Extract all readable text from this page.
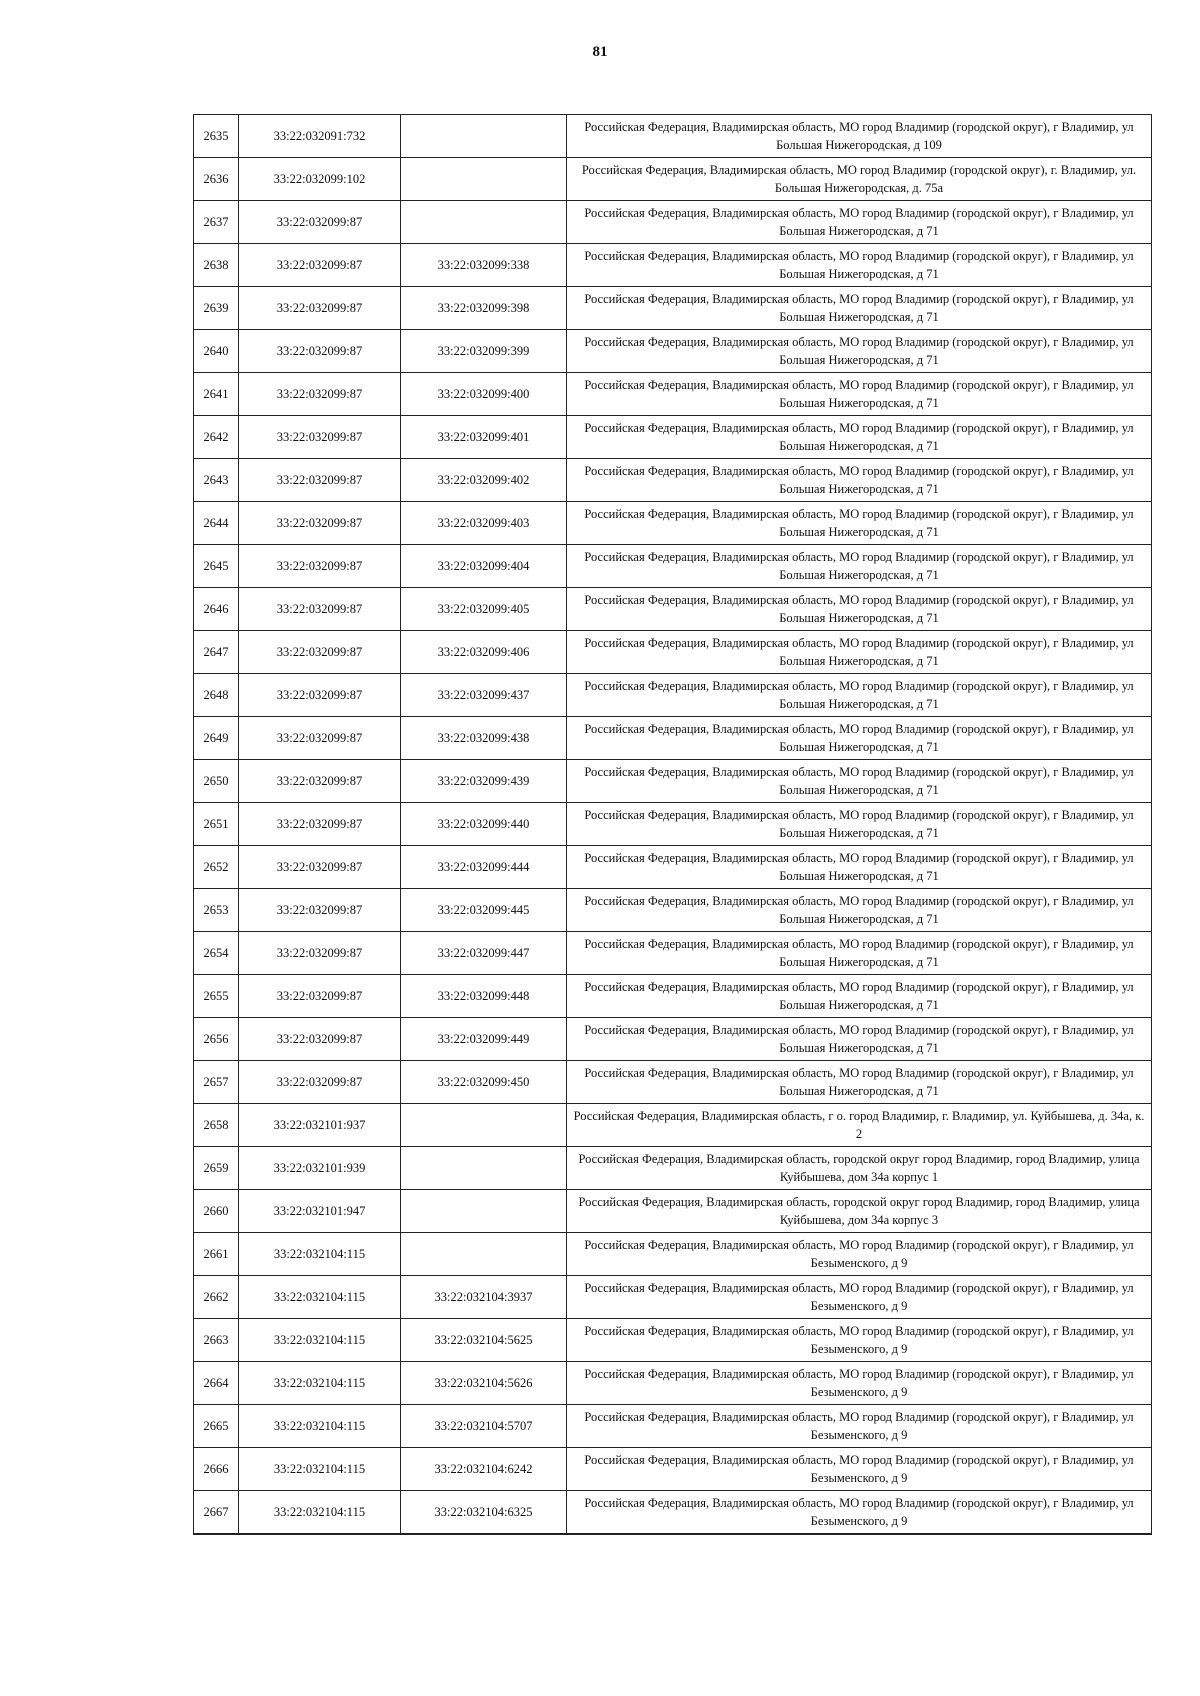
81
2635	33:22:032091:732		Российская Федерация, Владимирская область, МО город Владимир (городской округ), г Владимир, ул Большая Нижегородская, д 109
2636	33:22:032099:102		Российская Федерация, Владимирская область, МО город Владимир (городской округ), г. Владимир, ул. Большая Нижегородская, д. 75а
2637	33:22:032099:87		Российская Федерация, Владимирская область, МО город Владимир (городской округ), г Владимир, ул Большая Нижегородская, д 71
2638	33:22:032099:87	33:22:032099:338	Российская Федерация, Владимирская область, МО город Владимир (городской округ), г Владимир, ул Большая Нижегородская, д 71
2639	33:22:032099:87	33:22:032099:398	Российская Федерация, Владимирская область, МО город Владимир (городской округ), г Владимир, ул Большая Нижегородская, д 71
2640	33:22:032099:87	33:22:032099:399	Российская Федерация, Владимирская область, МО город Владимир (городской округ), г Владимир, ул Большая Нижегородская, д 71
2641	33:22:032099:87	33:22:032099:400	Российская Федерация, Владимирская область, МО город Владимир (городской округ), г Владимир, ул Большая Нижегородская, д 71
2642	33:22:032099:87	33:22:032099:401	Российская Федерация, Владимирская область, МО город Владимир (городской округ), г Владимир, ул Большая Нижегородская, д 71
2643	33:22:032099:87	33:22:032099:402	Российская Федерация, Владимирская область, МО город Владимир (городской округ), г Владимир, ул Большая Нижегородская, д 71
2644	33:22:032099:87	33:22:032099:403	Российская Федерация, Владимирская область, МО город Владимир (городской округ), г Владимир, ул Большая Нижегородская, д 71
2645	33:22:032099:87	33:22:032099:404	Российская Федерация, Владимирская область, МО город Владимир (городской округ), г Владимир, ул Большая Нижегородская, д 71
2646	33:22:032099:87	33:22:032099:405	Российская Федерация, Владимирская область, МО город Владимир (городской округ), г Владимир, ул Большая Нижегородская, д 71
2647	33:22:032099:87	33:22:032099:406	Российская Федерация, Владимирская область, МО город Владимир (городской округ), г Владимир, ул Большая Нижегородская, д 71
2648	33:22:032099:87	33:22:032099:437	Российская Федерация, Владимирская область, МО город Владимир (городской округ), г Владимир, ул Большая Нижегородская, д 71
2649	33:22:032099:87	33:22:032099:438	Российская Федерация, Владимирская область, МО город Владимир (городской округ), г Владимир, ул Большая Нижегородская, д 71
2650	33:22:032099:87	33:22:032099:439	Российская Федерация, Владимирская область, МО город Владимир (городской округ), г Владимир, ул Большая Нижегородская, д 71
2651	33:22:032099:87	33:22:032099:440	Российская Федерация, Владимирская область, МО город Владимир (городской округ), г Владимир, ул Большая Нижегородская, д 71
2652	33:22:032099:87	33:22:032099:444	Российская Федерация, Владимирская область, МО город Владимир (городской округ), г Владимир, ул Большая Нижегородская, д 71
2653	33:22:032099:87	33:22:032099:445	Российская Федерация, Владимирская область, МО город Владимир (городской округ), г Владимир, ул Большая Нижегородская, д 71
2654	33:22:032099:87	33:22:032099:447	Российская Федерация, Владимирская область, МО город Владимир (городской округ), г Владимир, ул Большая Нижегородская, д 71
2655	33:22:032099:87	33:22:032099:448	Российская Федерация, Владимирская область, МО город Владимир (городской округ), г Владимир, ул Большая Нижегородская, д 71
2656	33:22:032099:87	33:22:032099:449	Российская Федерация, Владимирская область, МО город Владимир (городской округ), г Владимир, ул Большая Нижегородская, д 71
2657	33:22:032099:87	33:22:032099:450	Российская Федерация, Владимирская область, МО город Владимир (городской округ), г Владимир, ул Большая Нижегородская, д 71
2658	33:22:032101:937		Российская Федерация, Владимирская область, г о. город Владимир, г. Владимир, ул. Куйбышева, д. 34а, к. 2
2659	33:22:032101:939		Российская Федерация, Владимирская область, городской округ город Владимир, город Владимир, улица Куйбышева, дом 34а корпус 1
2660	33:22:032101:947		Российская Федерация, Владимирская область, городской округ город Владимир, город Владимир, улица Куйбышева, дом 34а корпус 3
2661	33:22:032104:115		Российская Федерация, Владимирская область, МО город Владимир (городской округ), г Владимир, ул Безыменского, д 9
2662	33:22:032104:115	33:22:032104:3937	Российская Федерация, Владимирская область, МО город Владимир (городской округ), г Владимир, ул Безыменского, д 9
2663	33:22:032104:115	33:22:032104:5625	Российская Федерация, Владимирская область, МО город Владимир (городской округ), г Владимир, ул Безыменского, д 9
2664	33:22:032104:115	33:22:032104:5626	Российская Федерация, Владимирская область, МО город Владимир (городской округ), г Владимир, ул Безыменского, д 9
2665	33:22:032104:115	33:22:032104:5707	Российская Федерация, Владимирская область, МО город Владимир (городской округ), г Владимир, ул Безыменского, д 9
2666	33:22:032104:115	33:22:032104:6242	Российская Федерация, Владимирская область, МО город Владимир (городской округ), г Владимир, ул Безыменского, д 9
2667	33:22:032104:115	33:22:032104:6325	Российская Федерация, Владимирская область, МО город Владимир (городской округ), г Владимир, ул Безыменского, д 9
